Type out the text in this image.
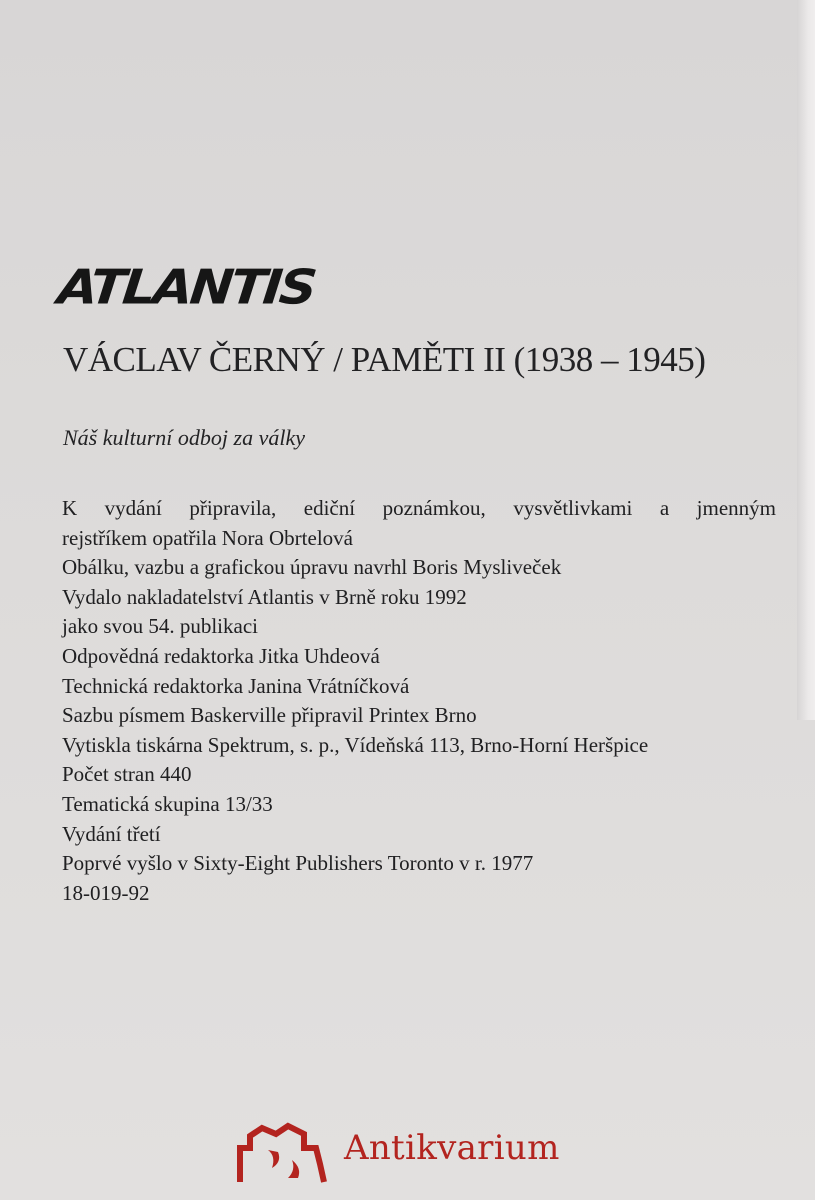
ATLANTIS
VÁCLAV ČERNÝ / PAMĚTI II (1938 – 1945)
Náš kulturní odboj za války
K vydání připravila, ediční poznámkou, vysvětlivkami a jmenným
rejstříkem opatřila Nora Obrtelová
Obálku, vazbu a grafickou úpravu navrhl Boris Mysliveček
Vydalo nakladatelství Atlantis v Brně roku 1992
jako svou 54. publikaci
Odpovědná redaktorka Jitka Uhdeová
Technická redaktorka Janina Vrátníčková
Sazbu písmem Baskerville připravil Printex Brno
Vytiskla tiskárna Spektrum, s. p., Vídeňská 113, Brno-Horní Heršpice
Počet stran 440
Tematická skupina 13/33
Vydání třetí
Poprvé vyšlo v Sixty-Eight Publishers Toronto v r. 1977
18-019-92
Antikvarium
